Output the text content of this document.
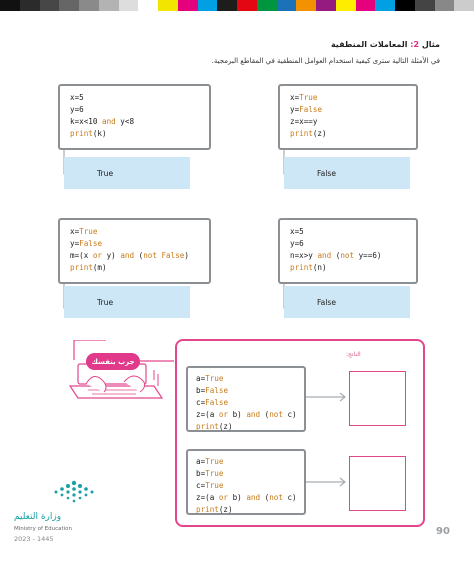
مثال 2: المعاملات المنطقية
في الأمثلة التالية سترى كيفية استخدام العوامل المنطقية في المقاطع البرمجية.
x=5
y=6
k=x<10 and y<8
print(k)
True
x=True
y=False
z=x==y
print(z)
False
x=True
y=False
m=(x or y) and (not False)
print(m)
True
x=5
y=6
n=x>y and (not y==6)
print(n)
False
جرب بنفسك
الناتج:
a=True
b=False
c=False
z=(a or b) and (not c)
print(z)
a=True
b=True
c=True
z=(a or b) and (not c)
print(z)
وزارة التعليم
Ministry of Education
2023 - 1445
90
